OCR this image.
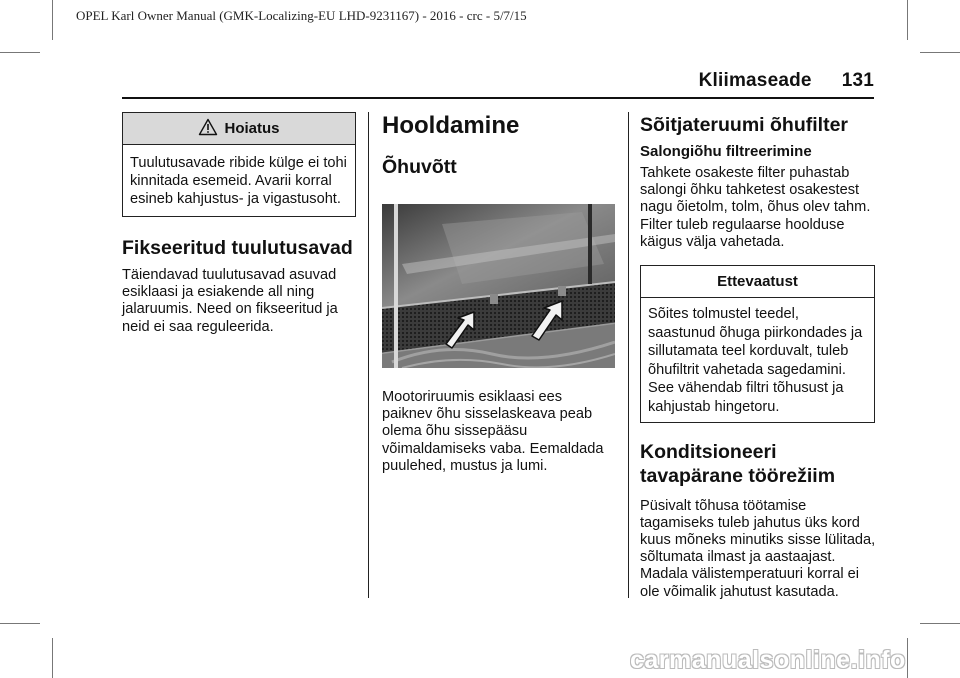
OPEL Karl Owner Manual (GMK-Localizing-EU LHD-9231167) - 2016 - crc - 5/7/15
Kliimaseade 131
Hoiatus

Tuulutusavade ribide külge ei tohi kinnitada esemeid. Avarii korral esineb kahjustus- ja vigastusoht.

Fikseeritud tuulutusavad

Täiendavad tuulutusavad asuvad esiklaasi ja esiakende all ning jalaruumis. Need on fikseeritud ja neid ei saa reguleerida.

Hooldamine
Õhuvõtt

Mootoriruumis esiklaasi ees paiknev õhu sisselaskeava peab olema õhu sissepääsu võimaldamiseks vaba. Eemaldada puulehed, mustus ja lumi.

Sõitjateruumi õhufilter
Salongiõhu filtreerimine

Tahkete osakeste filter puhastab salongi õhku tahketest osakestest nagu õietolm, tolm, õhus olev tahm. Filter tuleb regulaarse hoolduse käigus välja vahetada.

Ettevaatust

Sõites tolmustel teedel, saastunud õhuga piirkondades ja sillutamata teel korduvalt, tuleb õhufiltrit vahetada sagedamini. See vähendab filtri tõhusust ja kahjustab hingetoru.

Konditsioneeri tavapärane töörežiim

Püsivalt tõhusa töötamise tagamiseks tuleb jahutus üks kord kuus mõneks minutiks sisse lülitada, sõltumata ilmast ja aastaajast. Madala välistemperatuuri korral ei ole võimalik jahutust kasutada.

carmanualsonline.info
